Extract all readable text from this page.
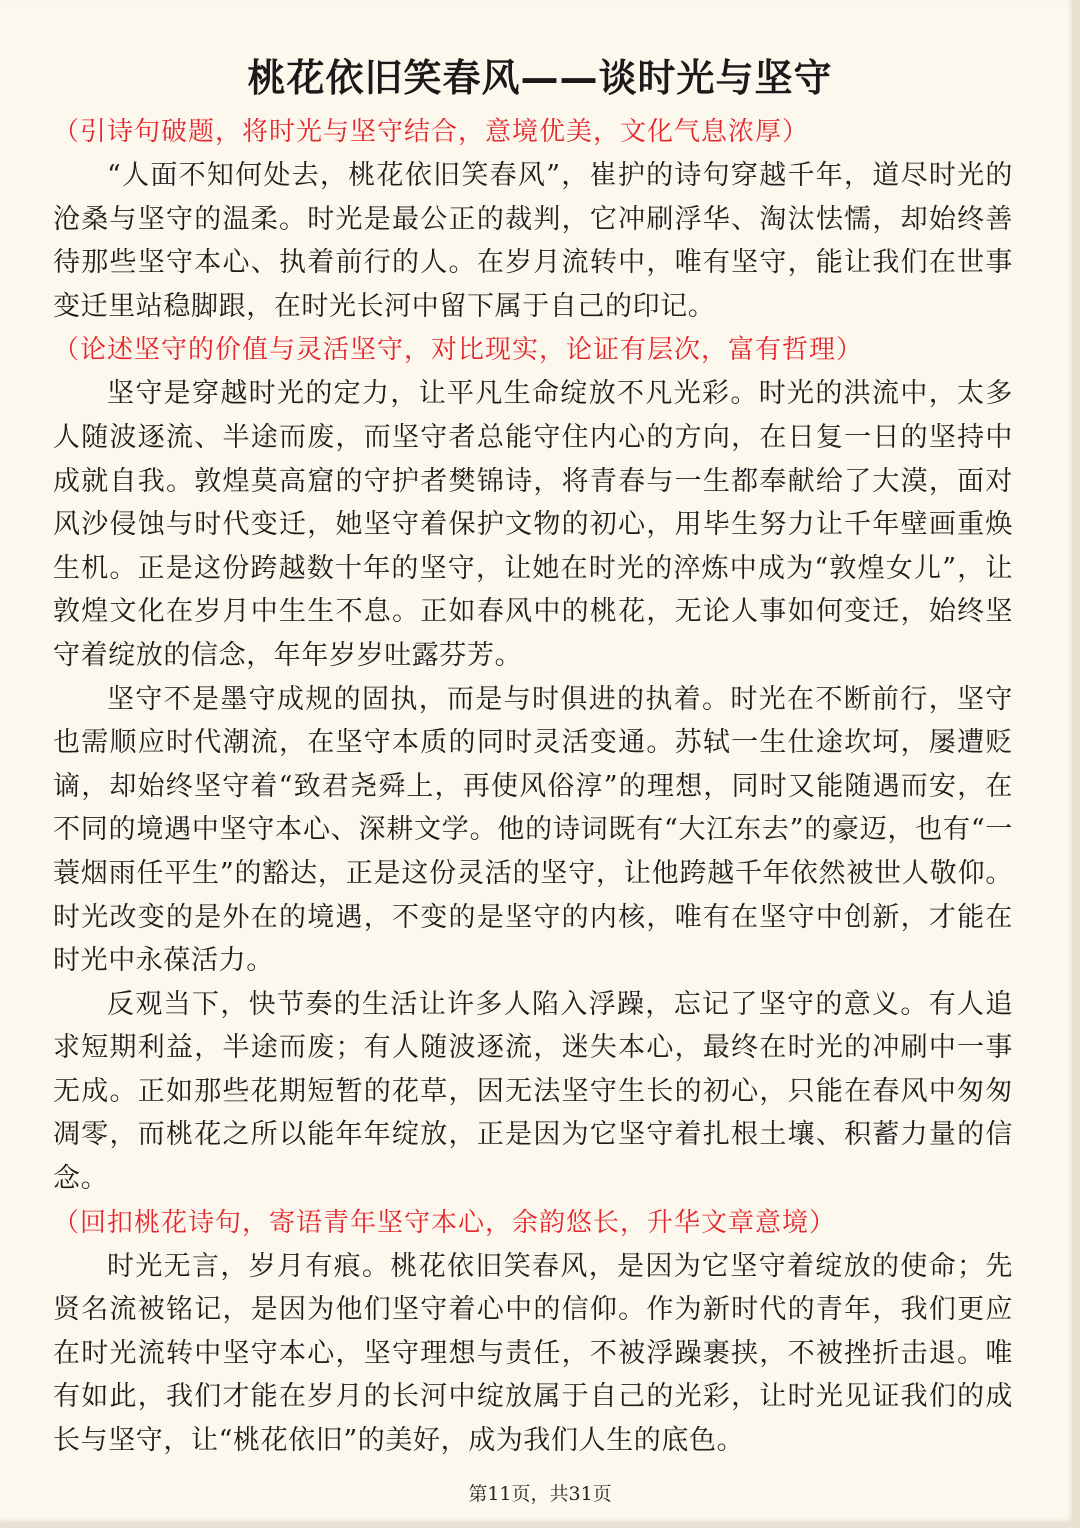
桃花依旧笑春风——谈时光与坚守

（引诗句破题，将时光与坚守结合，意境优美，文化气息浓厚）

“人面不知何处去，桃花依旧笑春风”，崔护的诗句穿越千年，道尽时光的沧桑与坚守的温柔。时光是最公正的裁判，它冲刷浮华、淘汰怯懦，却始终善待那些坚守本心、执着前行的人。在岁月流转中，唯有坚守，能让我们在世事变迁里站稳脚跟，在时光长河中留下属于自己的印记。

（论述坚守的价值与灵活坚守，对比现实，论证有层次，富有哲理）

坚守是穿越时光的定力，让平凡生命绽放不凡光彩。时光的洪流中，太多人随波逐流、半途而废，而坚守者总能守住内心的方向，在日复一日的坚持中成就自我。敦煌莫高窟的守护者樊锦诗，将青春与一生都奉献给了大漠，面对风沙侵蚀与时代变迁，她坚守着保护文物的初心，用毕生努力让千年壁画重焕生机。正是这份跨越数十年的坚守，让她在时光的淬炼中成为“敦煌女儿”，让敦煌文化在岁月中生生不息。正如春风中的桃花，无论人事如何变迁，始终坚守着绽放的信念，年年岁岁吐露芬芳。

坚守不是墨守成规的固执，而是与时俱进的执着。时光在不断前行，坚守也需顺应时代潮流，在坚守本质的同时灵活变通。苏轼一生仕途坎坷，屡遭贬谪，却始终坚守着“致君尧舜上，再使风俗淳”的理想，同时又能随遇而安，在不同的境遇中坚守本心、深耕文学。他的诗词既有“大江东去”的豪迈，也有“一蓑烟雨任平生”的豁达，正是这份灵活的坚守，让他跨越千年依然被世人敬仰。时光改变的是外在的境遇，不变的是坚守的内核，唯有在坚守中创新，才能在时光中永葆活力。

反观当下，快节奏的生活让许多人陷入浮躁，忘记了坚守的意义。有人追求短期利益，半途而废；有人随波逐流，迷失本心，最终在时光的冲刷中一事无成。正如那些花期短暂的花草，因无法坚守生长的初心，只能在春风中匆匆凋零，而桃花之所以能年年绽放，正是因为它坚守着扎根土壤、积蓄力量的信念。

（回扣桃花诗句，寄语青年坚守本心，余韵悠长，升华文章意境）

时光无言，岁月有痕。桃花依旧笑春风，是因为它坚守着绽放的使命；先贤名流被铭记，是因为他们坚守着心中的信仰。作为新时代的青年，我们更应在时光流转中坚守本心，坚守理想与责任，不被浮躁裹挟，不被挫折击退。唯有如此，我们才能在岁月的长河中绽放属于自己的光彩，让时光见证我们的成长与坚守，让“桃花依旧”的美好，成为我们人生的底色。

第11页，共31页
